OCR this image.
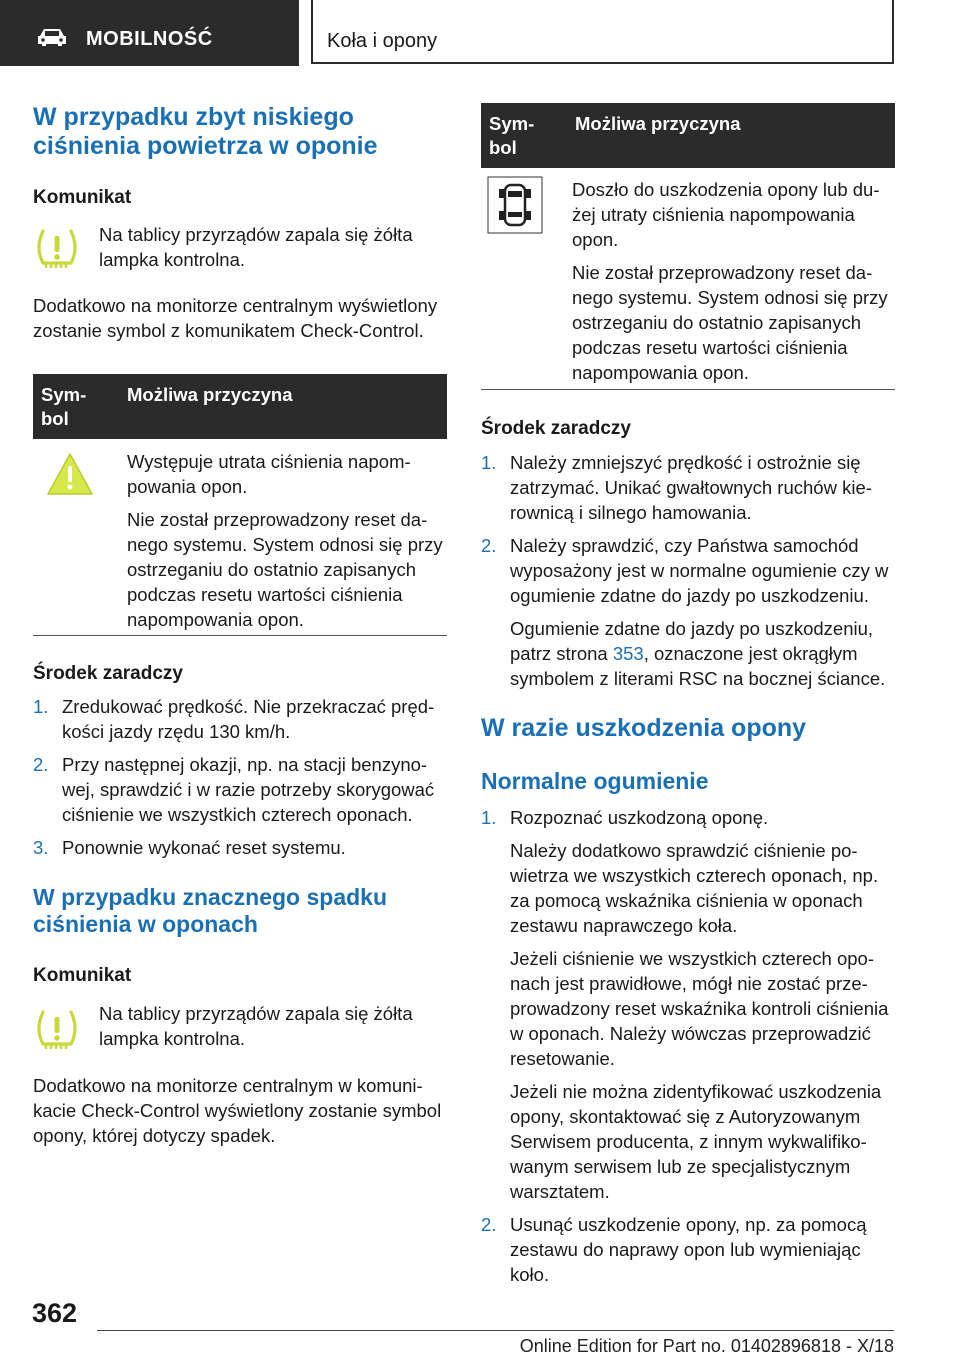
MOBILNOŚĆ	Koła i opony
W przypadku zbyt niskiego ciśnienia powietrza w oponie

Komunikat

Na tablicy przyrządów zapala się żółta lampka kontrolna.

Dodatkowo na monitorze centralnym wyświetlony zostanie symbol z komunikatem Check-Control.

Sym-
bol
Możliwa przyczyna

Występuje utrata ciśnienia napompowania opon.

Nie został przeprowadzony reset danego systemu. System odnosi się przy ostrzeganiu do ostatnio zapisanych podczas resetu wartości ciśnienia napompowania opon.

Środek zaradczy

1. Zredukować prędkość. Nie przekraczać prędkości jazdy rzędu 130 km/h.
2. Przy następnej okazji, np. na stacji benzynowej, sprawdzić i w razie potrzeby skorygować ciśnienie we wszystkich czterech oponach.
3. Ponownie wykonać reset systemu.
W przypadku znacznego spadku ciśnienia w oponach

Komunikat

Na tablicy przyrządów zapala się żółta lampka kontrolna.

Dodatkowo na monitorze centralnym w komunikacie Check-Control wyświetlony zostanie symbol opony, której dotyczy spadek.

Sym-
bol
Możliwa przyczyna

Doszło do uszkodzenia opony lub dużej utraty ciśnienia napompowania opon.

Nie został przeprowadzony reset danego systemu. System odnosi się przy ostrzeganiu do ostatnio zapisanych podczas resetu wartości ciśnienia napompowania opon.

Środek zaradczy

1. Należy zmniejszyć prędkość i ostrożnie się zatrzymać. Unikać gwałtownych ruchów kierownicą i silnego hamowania.
2. Należy sprawdzić, czy Państwa samochód wyposażony jest w normalne ogumienie czy w ogumienie zdatne do jazdy po uszkodzeniu.
Ogumienie zdatne do jazdy po uszkodzeniu, patrz strona 353, oznaczone jest okrągłym symbolem z literami RSC na bocznej ściance.
W razie uszkodzenia opony
Normalne ogumienie
1. Rozpoznać uszkodzoną oponę.
Należy dodatkowo sprawdzić ciśnienie powietrza we wszystkich czterech oponach, np. za pomocą wskaźnika ciśnienia w oponach zestawu naprawczego koła.
Jeżeli ciśnienie we wszystkich czterech oponach jest prawidłowe, mógł nie zostać przeprowadzony reset wskaźnika kontroli ciśnienia w oponach. Należy wówczas przeprowadzić resetowanie.
Jeżeli nie można zidentyfikować uszkodzenia opony, skontaktować się z Autoryzowanym Serwisem producenta, z innym wykwalifikowanym serwisem lub ze specjalistycznym warsztatem.
2. Usunąć uszkodzenie opony, np. za pomocą zestawu do naprawy opon lub wymieniając koło.
362
Online Edition for Part no. 01402896818 - X/18
